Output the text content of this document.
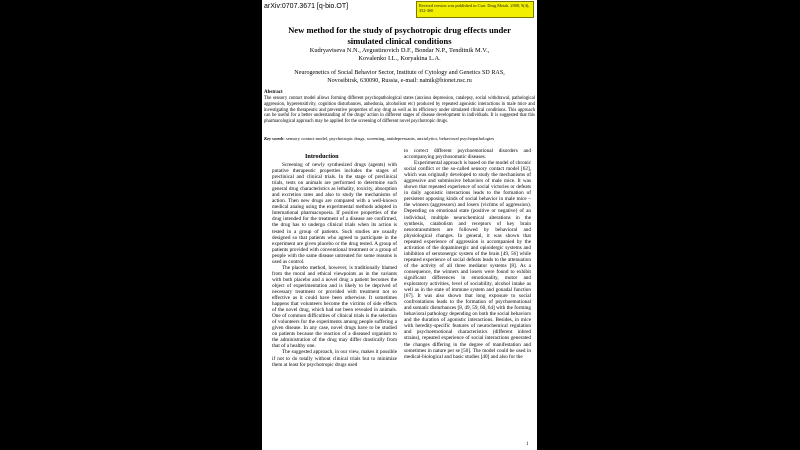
arXiv:0707.3671 [q-bio.OT]	Revised version was published in Curr. Drug Metab. 2008, 9(4), 352-360
New method for the study of psychotropic drug effects under simulated clinical conditions
Kudryavtseva N.N., Avgustinovich D.F., Bondar N.P., Tenditnik M.V.,
Kovalenko I.L., Koryakina L.A.
Neurogenetics of Social Behavior Sector, Institute of Cytology and Genetics SD RAS,
Novosibirsk, 630090, Russia, e-mail: natnik@bionet.nsc.ru
Abstract
The sensory contact model allows forming different psychopathological states (anxious depression, catalepsy, social withdrawal, pathological aggression, hyperestsitivity, cognition disturbances, anhedonia, alcoholism etc) produced by repeated agonistic interactions in male mice and investigating the therapeutic and preventive properties of any drug as well as its efficiency under simulated clinical conditions. This approach can be useful for a better understanding of the drugs' action in different stages of disease development in individuals. It is suggested that this pharmacological approach may be applied for the screening of different novel psychotropic drugs.
Key words: sensory contact model, psychotropic drugs, screening, antidepressants, anxiolytics, behavioral psychopathologies
Introduction

Screening of newly synthesized drugs (agents) with putative therapeutic properties includes the stages of preclinical and clinical trials. In the stage of preclinical trials, tests on animals are performed to determine such general drug characteristics as lethality, toxicity, absorption and excretion rates and also to study the mechanisms of action. Then new drugs are compared with a well-known medical analog using the experimental methods adopted in International pharmacopoeia. If positive properties of the drug intended for the treatment of a disease are confirmed, the drug has to undergo clinical trials when its action is tested in a group of patients. Such studies are usually designed so that patients who agreed to participate in the experiment are given placebo or the drug tested. A group of patients provided with conventional treatment or a group of people with the same disease untreated for some reasons is used as control.

The placebo method, however, is traditionally blamed from the moral and ethical viewpoints as in the variants with both placebo and a novel drug a patient becomes the object of experimentation and is likely to be deprived of necessary treatment or provided with treatment not so effective as it could have been otherwise. It sometimes happens that volunteers become the victims of side effects of the novel drug, which had not been revealed in animals. One of common difficulties of clinical trials is the selection of volunteers for the experiments among people suffering a given disease. In any case, novel drugs have to be studied on patients because the reaction of a diseased organism to the administration of the drug may differ drastically from that of a healthy one.

The suggested approach, in our view, makes it possible if not to do totally without clinical trials but to minimize them at least for psychotropic drugs used

to correct different psychoemotional disorders and accompanying psychosomatic diseases.

Experimental approach is based on the model of chronic social conflict or the so-called sensory contact model [62], which was originally developed to study the mechanisms of aggressive and submissive behaviors of male mice. It was shown that repeated experience of social victories or defeats in daily agonistic interactions leads to the formation of persistent opposing kinds of social behavior in male mice – the winners (aggressors) and losers (victims of aggression). Depending on emotional state (positive or negative) of an individual, multiple neurochemical alterations in the synthesis, catabolism and receptors of key brain neurotransmitters are followed by behavioral and physiological changes. In general, it was shown that repeated experience of aggression is accompanied by the activation of the dopaminergic and opioidergic systems and inhibition of serotonergic system of the brain [49, 56] while repeated experience of social defeats leads to the attenuation of the activity of all three mediator systems [8]. As a consequence, the winners and losers were found to exhibit significant differences in emotionality, motor and exploratory activities, level of sociability, alcohol intake as well as in the state of immune system and gonadal function [67]. It was also shown that long exposure to social confrontations leads to the formation of psychoemotional and somatic disturbances [8, 49, 59, 60, 64] with the forming behavioral pathology depending on both the social behaviors and the duration of agonistic interactions. Besides, in mice with heredity-specific features of neurochemical regulation and psychoemotional characteristics (different inbred strains), repeated experience of social interactions generated the changes differing in the degree of manifestation and sometimes in nature per se [50]. The model could be used in medical-biological and basic studies [40] and also for the

1
